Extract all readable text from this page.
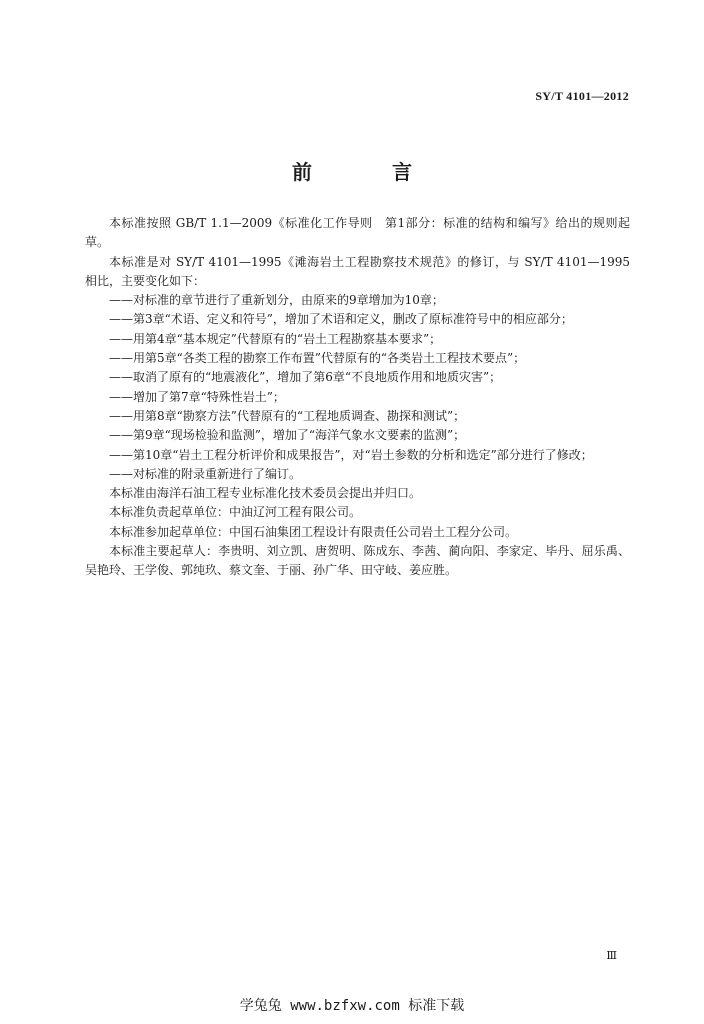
SY/T 4101—2012
前　言

本标准按照 GB/T 1.1—2009《标准化工作导则　第1部分：标准的结构和编写》给出的规则起草。

本标准是对 SY/T 4101—1995《滩海岩土工程勘察技术规范》的修订，与 SY/T 4101—1995 相比，主要变化如下：

——对标准的章节进行了重新划分，由原来的9章增加为10章；

——第3章“术语、定义和符号”，增加了术语和定义，删改了原标准符号中的相应部分；

——用第4章“基本规定”代替原有的“岩土工程勘察基本要求”；

——用第5章“各类工程的勘察工作布置”代替原有的“各类岩土工程技术要点”；

——取消了原有的“地震液化”，增加了第6章“不良地质作用和地质灾害”；

——增加了第7章“特殊性岩土”；

——用第8章“勘察方法”代替原有的“工程地质调查、勘探和测试”；

——第9章“现场检验和监测”，增加了“海洋气象水文要素的监测”；

——第10章“岩土工程分析评价和成果报告”，对“岩土参数的分析和选定”部分进行了修改；

——对标准的附录重新进行了编订。

本标准由海洋石油工程专业标准化技术委员会提出并归口。

本标准负责起草单位：中油辽河工程有限公司。

本标准参加起草单位：中国石油集团工程设计有限责任公司岩土工程分公司。

本标准主要起草人：李贵明、刘立凯、唐贺明、陈成东、李茜、蔺向阳、李家定、毕丹、屈乐禹、吴艳玲、王学俊、郭纯玖、蔡文奎、于丽、孙广华、田守岐、姜应胜。

Ⅲ
学兔兔 www.bzfxw.com 标准下载
